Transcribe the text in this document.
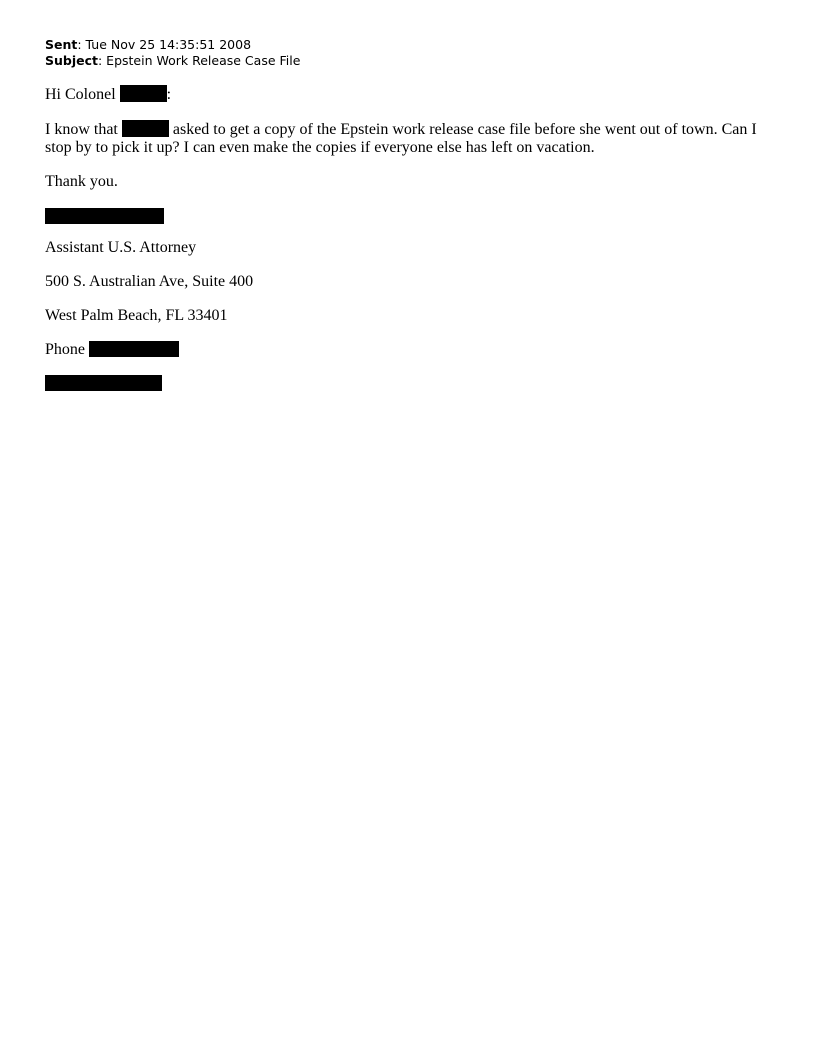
Sent: Tue Nov 25 14:35:51 2008
Subject: Epstein Work Release Case File

Hi Colonel	:

I know that	asked to get a copy of the Epstein work release case file before she went out of town. Can I stop by to pick it up? I can even make the copies if everyone else has left on vacation.

Thank you.

Assistant U.S. Attorney

500 S. Australian Ave, Suite 400

West Palm Beach, FL 33401

Phone
